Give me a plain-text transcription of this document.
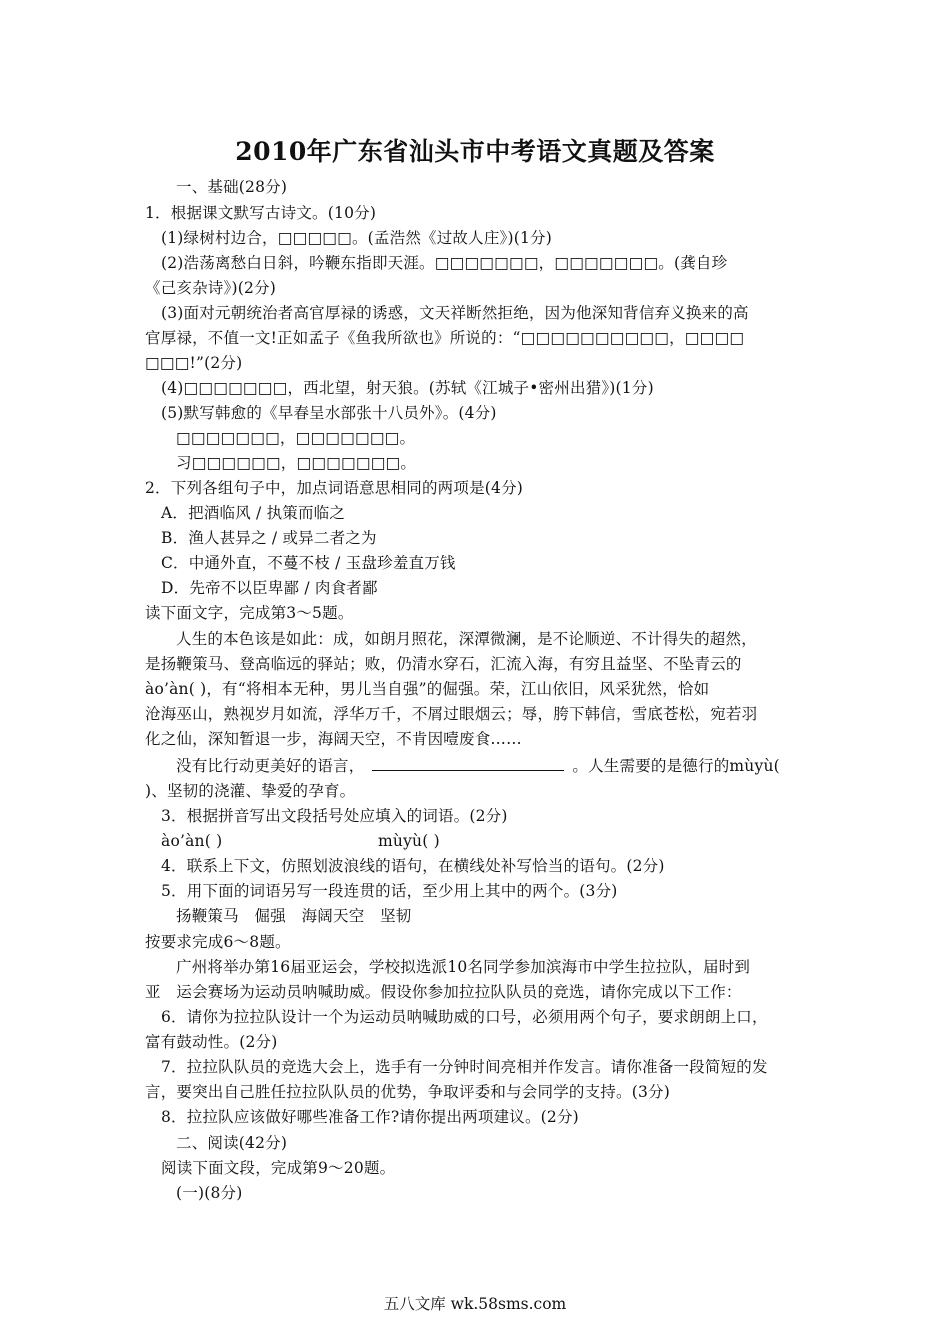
2010年广东省汕头市中考语文真题及答案
一、基础(28分)
1．根据课文默写古诗文。(10分)
(1)绿树村边合，□□□□□。(孟浩然《过故人庄》)(1分)
(2)浩荡离愁白日斜，吟鞭东指即天涯。□□□□□□□，□□□□□□□。(龚自珍
《己亥杂诗》)(2分)
(3)面对元朝统治者高官厚禄的诱惑，文天祥断然拒绝，因为他深知背信弃义换来的高
官厚禄，不值一文!正如孟子《鱼我所欲也》所说的：“□□□□□□□□□□，□□□□
□□□!”(2分)
(4)□□□□□□□，西北望，射天狼。(苏轼《江城子•密州出猎》)(1分)
(5)默写韩愈的《早春呈水部张十八员外》。(4分)
□□□□□□□，□□□□□□□。
习□□□□□□，□□□□□□□。
2．下列各组句子中，加点词语意思相同的两项是(4分)
A．把酒临风 / 执策而临之
B．渔人甚异之 / 或异二者之为
C．中通外直，不蔓不枝 / 玉盘珍羞直万钱
D．先帝不以臣卑鄙 / 肉食者鄙
读下面文字，完成第3～5题。
人生的本色该是如此：成，如朗月照花，深潭微澜，是不论顺逆、不计得失的超然，
是扬鞭策马、登高临远的驿站；败，仍清水穿石，汇流入海，有穷且益坚、不坠青云的
ào’àn( )，有“将相本无种，男儿当自强”的倔强。荣，江山依旧，风采犹然，恰如
沧海巫山，熟视岁月如流，浮华万千，不屑过眼烟云；辱，胯下韩信，雪底苍松，宛若羽
化之仙，深知暂退一步，海阔天空，不肯因噎废食……
没有比行动更美好的语言，	。人生需要的是德行的mùyù(
)、坚韧的浇灌、挚爱的孕育。
3．根据拼音写出文段括号处应填入的词语。(2分)
ào’àn( )	mùyù( )
4．联系上下文，仿照划波浪线的语句，在横线处补写恰当的语句。(2分)
5．用下面的词语另写一段连贯的话，至少用上其中的两个。(3分)
扬鞭策马　倔强　海阔天空　坚韧
按要求完成6～8题。
广州将举办第16届亚运会，学校拟选派10名同学参加滨海市中学生拉拉队，届时到
亚　运会赛场为运动员呐喊助威。假设你参加拉拉队队员的竞选，请你完成以下工作：
6．请你为拉拉队设计一个为运动员呐喊助威的口号，必须用两个句子，要求朗朗上口，
富有鼓动性。(2分)
7．拉拉队队员的竞选大会上，选手有一分钟时间亮相并作发言。请你准备一段简短的发
言，要突出自己胜任拉拉队队员的优势，争取评委和与会同学的支持。(3分)
8．拉拉队应该做好哪些准备工作?请你提出两项建议。(2分)
二、阅读(42分)
阅读下面文段，完成第9～20题。
(一)(8分)
五八文库 wk.58sms.com
